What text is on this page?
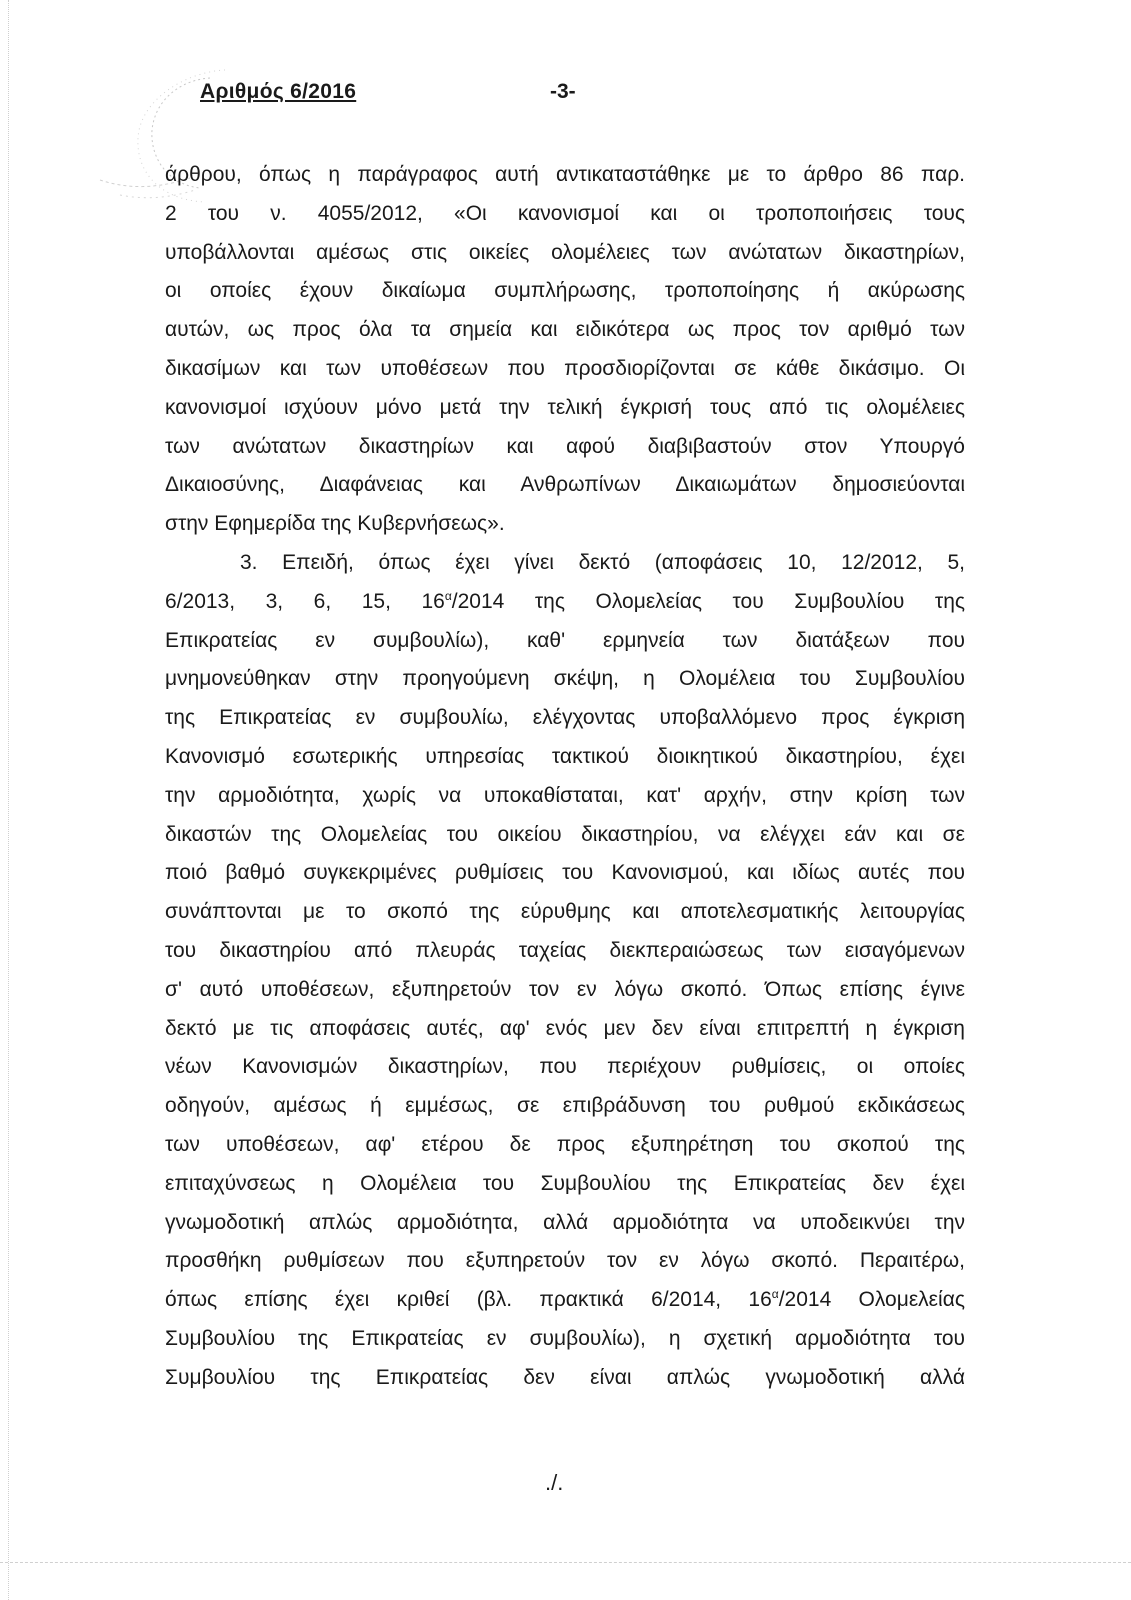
Αριθμός 6/2016	-3-
άρθρου, όπως η παράγραφος αυτή αντικαταστάθηκε με το άρθρο 86 παρ.
2 του ν. 4055/2012, «Οι κανονισμοί και οι τροποποιήσεις τους
υποβάλλονται αμέσως στις οικείες ολομέλειες των ανώτατων δικαστηρίων,
οι οποίες έχουν δικαίωμα συμπλήρωσης, τροποποίησης ή ακύρωσης
αυτών, ως προς όλα τα σημεία και ειδικότερα ως προς τον αριθμό των
δικασίμων και των υποθέσεων που προσδιορίζονται σε κάθε δικάσιμο. Οι
κανονισμοί ισχύουν μόνο μετά την τελική έγκρισή τους από τις ολομέλειες
των ανώτατων δικαστηρίων και αφού διαβιβαστούν στον Υπουργό
Δικαιοσύνης, Διαφάνειας και Ανθρωπίνων Δικαιωμάτων δημοσιεύονται
στην Εφημερίδα της Κυβερνήσεως».
3. Επειδή, όπως έχει γίνει δεκτό (αποφάσεις 10, 12/2012, 5,
6/2013, 3, 6, 15, $16^\alpha/2014$ της Ολομελείας του Συμβουλίου της
Επικρατείας εν συμβουλίω), καθ' ερμηνεία των διατάξεων που
μνημονεύθηκαν στην προηγούμενη σκέψη, η Ολομέλεια του Συμβουλίου
της Επικρατείας εν συμβουλίω, ελέγχοντας υποβαλλόμενο προς έγκριση
Κανονισμό εσωτερικής υπηρεσίας τακτικού διοικητικού δικαστηρίου, έχει
την αρμοδιότητα, χωρίς να υποκαθίσταται, κατ' αρχήν, στην κρίση των
δικαστών της Ολομελείας του οικείου δικαστηρίου, να ελέγχει εάν και σε
ποιό βαθμό συγκεκριμένες ρυθμίσεις του Κανονισμού, και ιδίως αυτές που
συνάπτονται με το σκοπό της εύρυθμης και αποτελεσματικής λειτουργίας
του δικαστηρίου από πλευράς ταχείας διεκπεραιώσεως των εισαγόμενων
σ' αυτό υποθέσεων, εξυπηρετούν τον εν λόγω σκοπό. Όπως επίσης έγινε
δεκτό με τις αποφάσεις αυτές, αφ' ενός μεν δεν είναι επιτρεπτή η έγκριση
νέων Κανονισμών δικαστηρίων, που περιέχουν ρυθμίσεις, οι οποίες
οδηγούν, αμέσως ή εμμέσως, σε επιβράδυνση του ρυθμού εκδικάσεως
των υποθέσεων, αφ' ετέρου δε προς εξυπηρέτηση του σκοπού της
επιταχύνσεως η Ολομέλεια του Συμβουλίου της Επικρατείας δεν έχει
γνωμοδοτική απλώς αρμοδιότητα, αλλά αρμοδιότητα να υποδεικνύει την
προσθήκη ρυθμίσεων που εξυπηρετούν τον εν λόγω σκοπό. Περαιτέρω,
όπως επίσης έχει κριθεί (βλ. πρακτικά 6/2014, $16^\alpha/2014$ Ολομελείας
Συμβουλίου της Επικρατείας εν συμβουλίω), η σχετική αρμοδιότητα του
Συμβουλίου της Επικρατείας δεν είναι απλώς γνωμοδοτική αλλά
./.
